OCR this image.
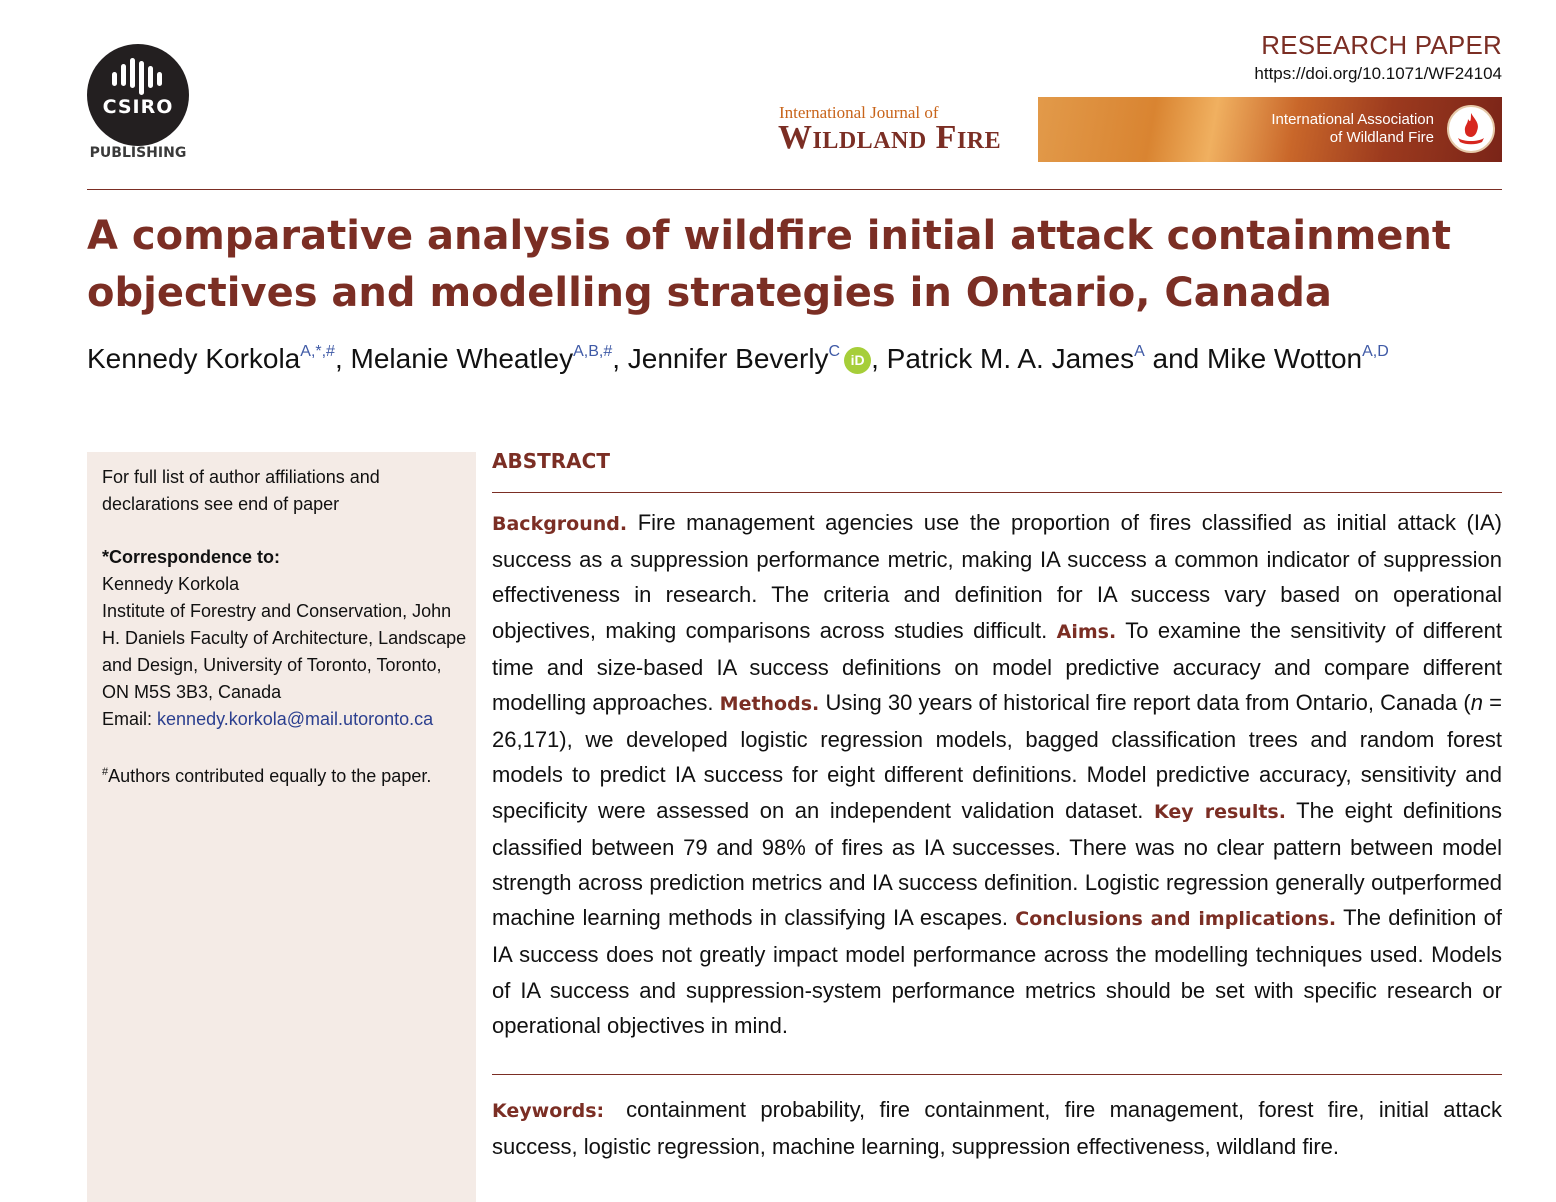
CSIRO
PUBLISHING
RESEARCH PAPER
https://doi.org/10.1071/WF24104
International Journal of
Wildland Fire	International Association
of Wildland Fire
A comparative analysis of wildfire initial attack containment objectives and modelling strategies in Ontario, Canada
Kennedy Korkola$^{A,*,\#}$, Melanie Wheatley$^{A,B,\#}$, Jennifer Beverly$^C$ iD , Patrick M. A. James$^A$ and Mike Wotton$^{A,D}$
For full list of author affiliations and declarations see end of paper
*Correspondence to:
Kennedy Korkola
Institute of Forestry and Conservation, John H. Daniels Faculty of Architecture, Landscape and Design, University of Toronto, Toronto, ON M5S 3B3, Canada
Email: kennedy.korkola@mail.utoronto.ca
#Authors contributed equally to the paper.
ABSTRACT
Background. Fire management agencies use the proportion of fires classified as initial attack (IA) success as a suppression performance metric, making IA success a common indicator of suppression effectiveness in research. The criteria and definition for IA success vary based on operational objectives, making comparisons across studies difficult. Aims. To examine the sensitivity of different time and size-based IA success definitions on model predictive accuracy and compare different modelling approaches. Methods. Using 30 years of historical fire report data from Ontario, Canada (n = 26,171), we developed logistic regression models, bagged classification trees and random forest models to predict IA success for eight different definitions. Model predictive accuracy, sensitivity and specificity were assessed on an independent validation dataset. Key results. The eight definitions classified between 79 and 98% of fires as IA successes. There was no clear pattern between model strength across prediction metrics and IA success definition. Logistic regression generally outperformed machine learning methods in classifying IA escapes. Conclusions and implications. The definition of IA success does not greatly impact model performance across the modelling techniques used. Models of IA success and suppression-system performance metrics should be set with specific research or operational objectives in mind.
Keywords: containment probability, fire containment, fire management, forest fire, initial attack success, logistic regression, machine learning, suppression effectiveness, wildland fire.
